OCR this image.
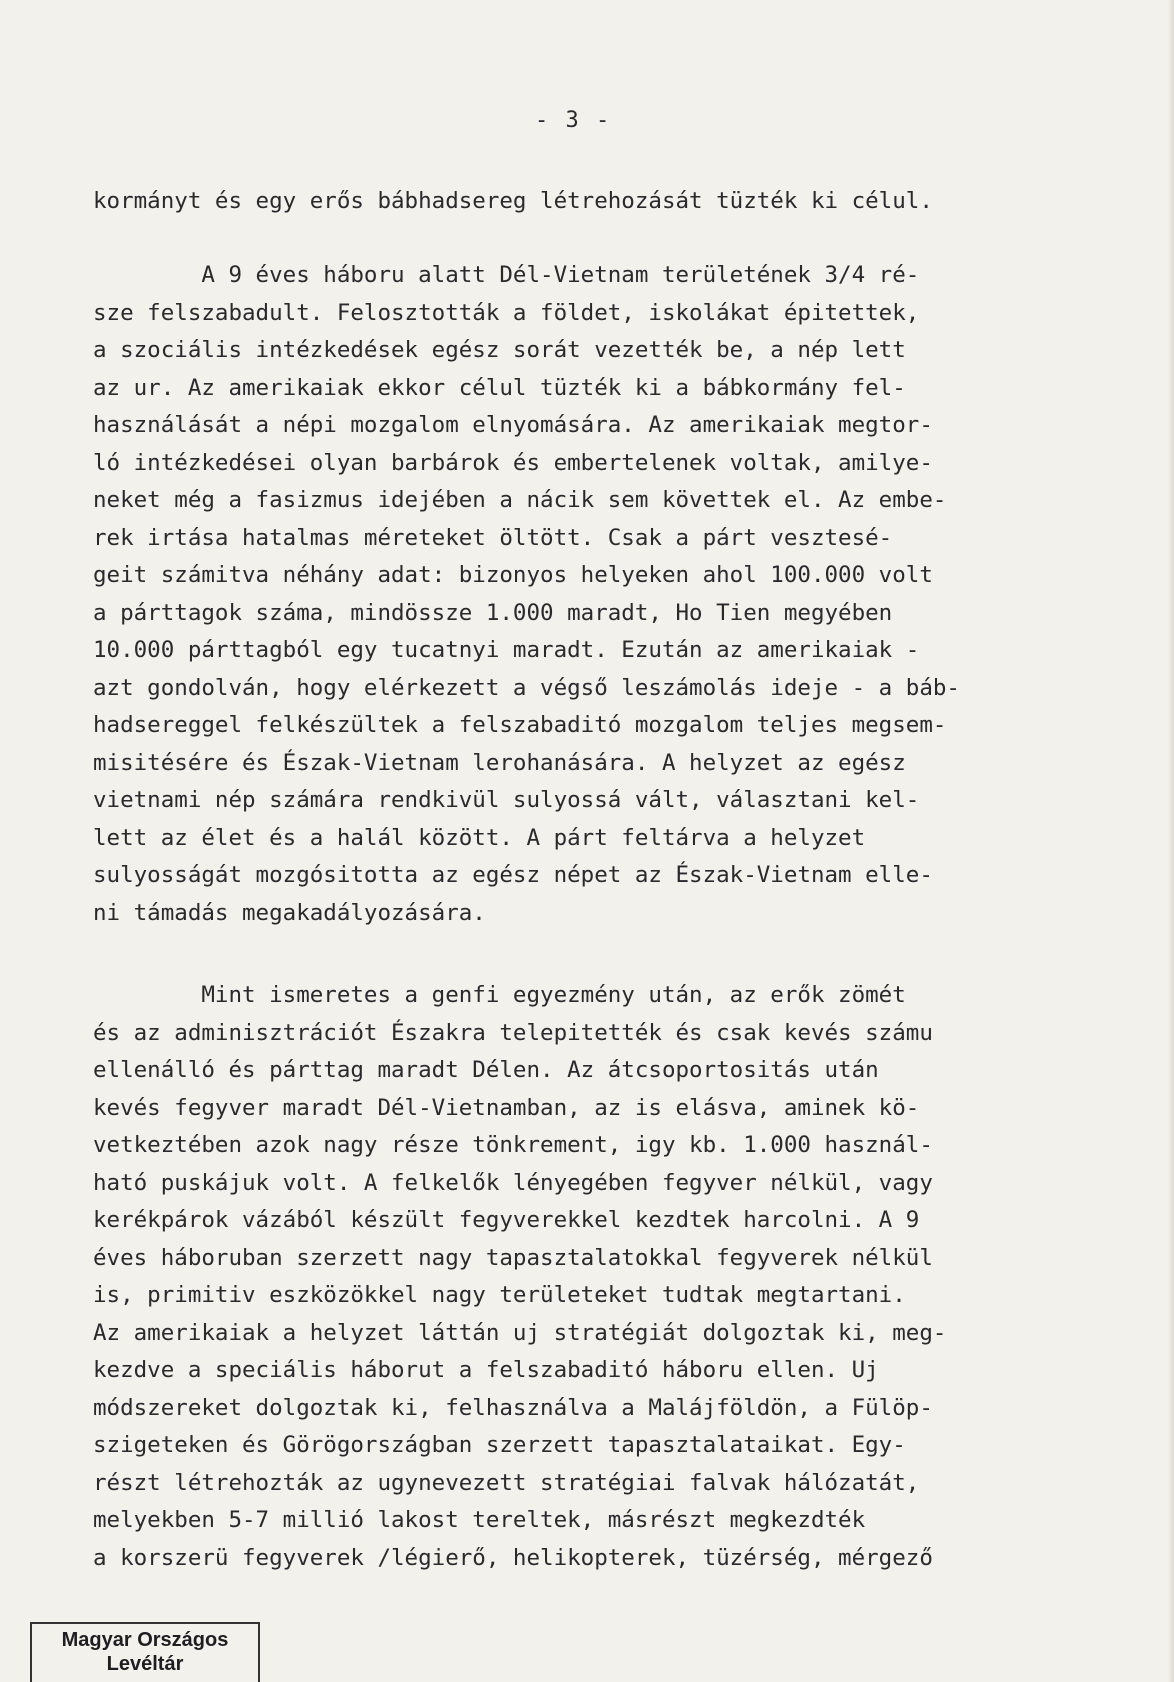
- 3 -
kormányt és egy erős bábhadsereg létrehozását tüzték ki célul.
A 9 éves háboru alatt Dél-Vietnam területének 3/4 ré-
sze felszabadult. Felosztották a földet, iskolákat épitettek,
a szociális intézkedések egész sorát vezették be, a nép lett
az ur. Az amerikaiak ekkor célul tüzték ki a bábkormány fel-
használását a népi mozgalom elnyomására. Az amerikaiak megtor-
ló intézkedései olyan barbárok és embertelenek voltak, amilye-
neket még a fasizmus idejében a nácik sem követtek el. Az embe-
rek irtása hatalmas méreteket öltött. Csak a párt vesztesé-
geit számitva néhány adat: bizonyos helyeken ahol 100.000 volt
a párttagok száma, mindössze 1.000 maradt, Ho Tien megyében
10.000 párttagból egy tucatnyi maradt. Ezután az amerikaiak -
azt gondolván, hogy elérkezett a végső leszámolás ideje - a báb-
hadsereggel felkészültek a felszabaditó mozgalom teljes megsem-
misitésére és Észak-Vietnam lerohanására. A helyzet az egész
vietnami nép számára rendkivül sulyossá vált, választani kel-
lett az élet és a halál között. A párt feltárva a helyzet
sulyosságát mozgósitotta az egész népet az Észak-Vietnam elle-
ni támadás megakadályozására.
Mint ismeretes a genfi egyezmény után, az erők zömét
és az adminisztrációt Északra telepitették és csak kevés számu
ellenálló és párttag maradt Délen. Az átcsoportositás után
kevés fegyver maradt Dél-Vietnamban, az is elásva, aminek kö-
vetkeztében azok nagy része tönkrement, igy kb. 1.000 használ-
ható puskájuk volt. A felkelők lényegében fegyver nélkül, vagy
kerékpárok vázából készült fegyverekkel kezdtek harcolni. A 9
éves háboruban szerzett nagy tapasztalatokkal fegyverek nélkül
is, primitiv eszközökkel nagy területeket tudtak megtartani.
Az amerikaiak a helyzet láttán uj stratégiát dolgoztak ki, meg-
kezdve a speciális háborut a felszabaditó háboru ellen. Uj
módszereket dolgoztak ki, felhasználva a Malájföldön, a Fülöp-
szigeteken és Görögországban szerzett tapasztalataikat. Egy-
részt létrehozták az ugynevezett stratégiai falvak hálózatát,
melyekben 5-7 millió lakost tereltek, másrészt megkezdték
a korszerü fegyverek /légierő, helikopterek, tüzérség, mérgező
Magyar Országos
Levéltár
